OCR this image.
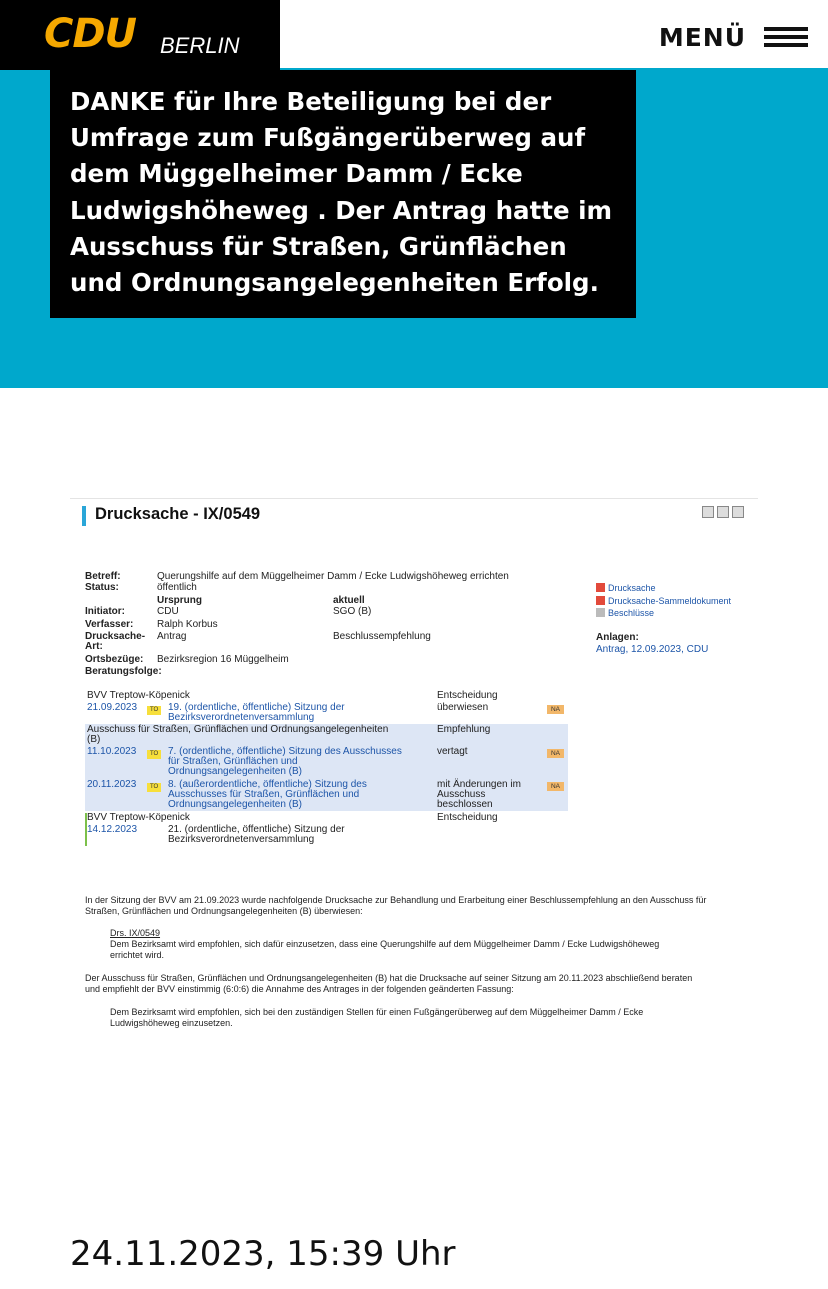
CDU BERLIN	MENÜ
DANKE für Ihre Beteiligung bei der Umfrage zum Fußgängerüberweg auf dem Müggelheimer Damm / Ecke Ludwigshöheweg . Der Antrag hatte im Ausschuss für Straßen, Grünflächen und Ordnungsangelegenheiten Erfolg.
Drucksache - IX/0549
Betreff:	Querungshilfe auf dem Müggelheimer Damm / Ecke Ludwigshöheweg errichten
Status:	öffentlich
Ursprung	aktuell
Initiator:	CDU	SGO (B)
Verfasser: Ralph Korbus
Drucksache-
Art:
Antrag	Beschlussempfehlung
Ortsbezüge: Bezirksregion 16 Müggelheim
Beratungsfolge:
Drucksache
Drucksache-Sammeldokument
Beschlüsse
Anlagen:
Antrag, 12.09.2023, CDU
BVV Treptow-Köpenick	Entscheidung
21.09.2023	TO 19. (ordentliche, öffentliche) Sitzung der
Bezirksverordnetenversammlung
überwiesen	NA
Ausschuss für Straßen, Grünflächen und Ordnungsangelegenheiten
(B)
Empfehlung
11.10.2023	TO 7. (ordentliche, öffentliche) Sitzung des Ausschusses
für Straßen, Grünflächen und
Ordnungsangelegenheiten (B)
vertagt	NA
20.11.2023	TO 8. (außerordentliche, öffentliche) Sitzung des
Ausschusses für Straßen, Grünflächen und
Ordnungsangelegenheiten (B)
mit Änderungen im
Ausschuss
beschlossen
NA
BVV Treptow-Köpenick	Entscheidung
14.12.2023	21. (ordentliche, öffentliche) Sitzung der
Bezirksverordnetenversammlung
In der Sitzung der BVV am 21.09.2023 wurde nachfolgende Drucksache zur Behandlung und Erarbeitung einer Beschlussempfehlung an den Ausschuss für
Straßen, Grünflächen und Ordnungsangelegenheiten (B) überwiesen:
Drs. IX/0549
Dem Bezirksamt wird empfohlen, sich dafür einzusetzen, dass eine Querungshilfe auf dem Müggelheimer Damm / Ecke Ludwigshöheweg
errichtet wird.
Der Ausschuss für Straßen, Grünflächen und Ordnungsangelegenheiten (B) hat die Drucksache auf seiner Sitzung am 20.11.2023 abschließend beraten
und empfiehlt der BVV einstimmig (6:0:6) die Annahme des Antrages in der folgenden geänderten Fassung:
Dem Bezirksamt wird empfohlen, sich bei den zuständigen Stellen für einen Fußgängerüberweg auf dem Müggelheimer Damm / Ecke
Ludwigshöheweg einzusetzen.
24.11.2023, 15:39 Uhr
